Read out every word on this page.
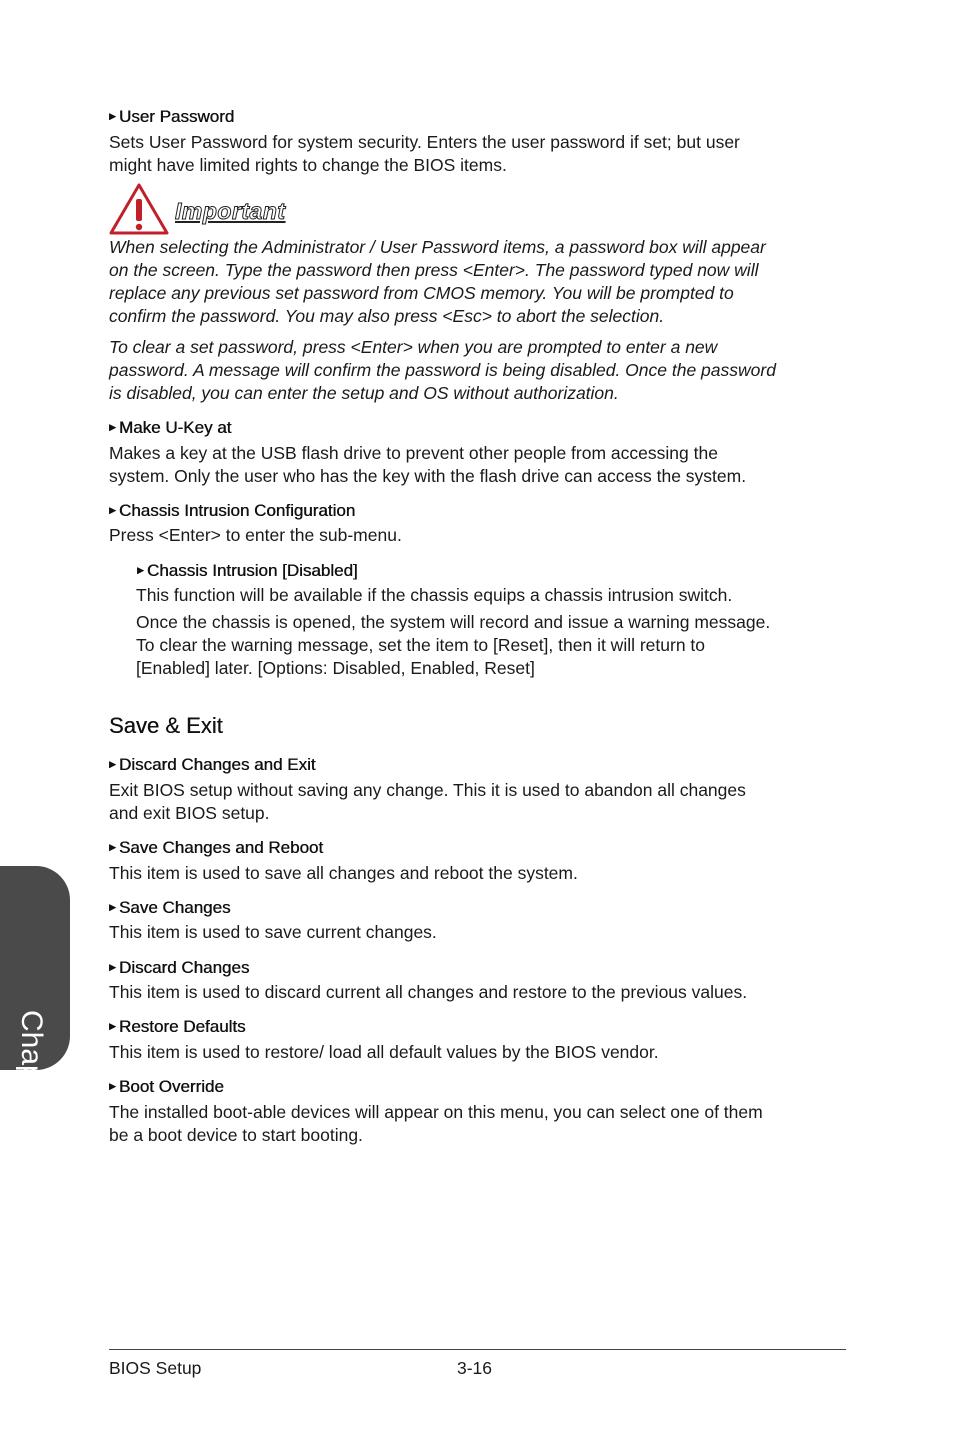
▶ User Password
Sets User Password for system security. Enters the user password if set; but user
might have limited rights to change the BIOS items.
Important
When selecting the Administrator / User Password items, a password box will appear
on the screen. Type the password then press <Enter>. The password typed now will
replace any previous set password from CMOS memory. You will be prompted to
confirm the password. You may also press <Esc> to abort the selection.
To clear a set password, press <Enter> when you are prompted to enter a new
password. A message will confirm the password is being disabled. Once the password
is disabled, you can enter the setup and OS without authorization.
▶ Make U-Key at
Makes a key at the USB flash drive to prevent other people from accessing the
system. Only the user who has the key with the flash drive can access the system.
▶ Chassis Intrusion Configuration
Press <Enter> to enter the sub-menu.
▶ Chassis Intrusion [Disabled]
This function will be available if the chassis equips a chassis intrusion switch.
Once the chassis is opened, the system will record and issue a warning message.
To clear the warning message, set the item to [Reset], then it will return to
[Enabled] later. [Options: Disabled, Enabled, Reset]
Save & Exit
▶ Discard Changes and Exit
Exit BIOS setup without saving any change. This it is used to abandon all changes
and exit BIOS setup.
▶ Save Changes and Reboot
This item is used to save all changes and reboot the system.
▶ Save Changes
This item is used to save current changes.
▶ Discard Changes
This item is used to discard current all changes and restore to the previous values.
▶ Restore Defaults
This item is used to restore/ load all default values by the BIOS vendor.
▶ Boot Override
The installed boot-able devices will appear on this menu, you can select one of them
be a boot device to start booting.
Chapter 3
BIOS Setup	3-16
